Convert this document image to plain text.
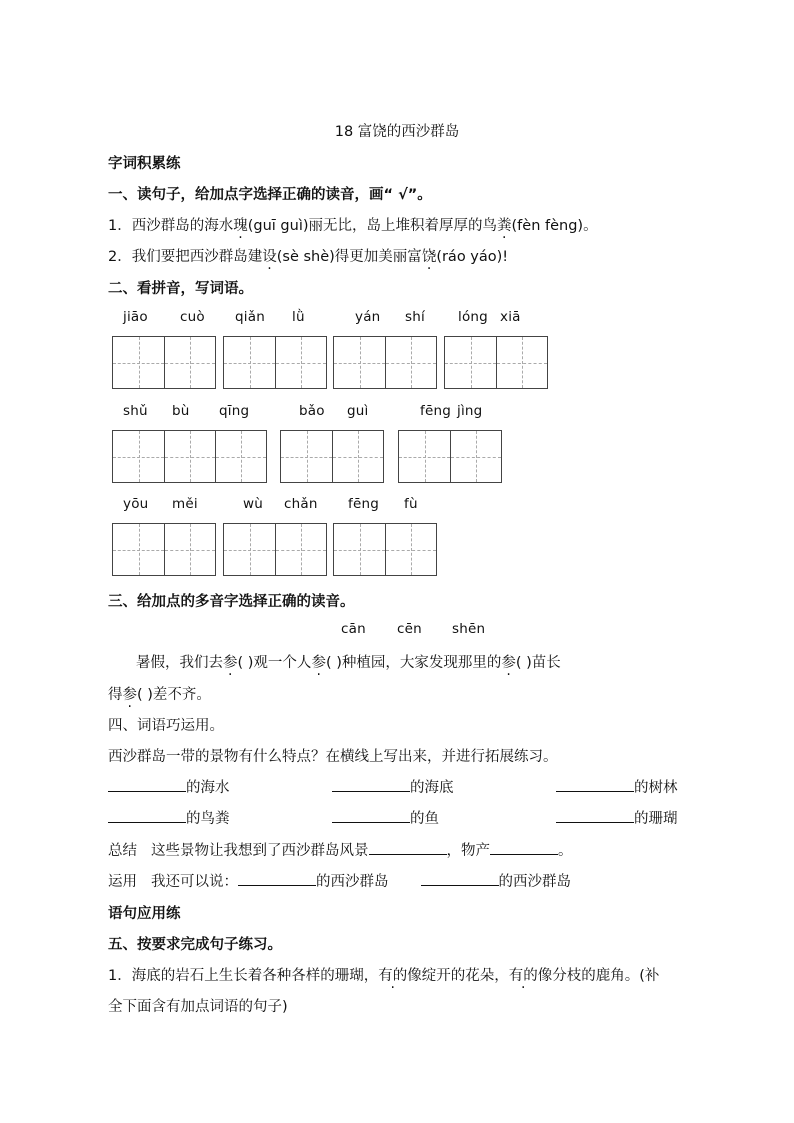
18 富饶的西沙群岛
字词积累练
一、读句子，给加点字选择正确的读音，画“ √”。
1．西沙群岛的海水瑰(guī guì)丽无比，岛上堆积着厚厚的鸟粪(fèn fèng)。
2．我们要把西沙群岛建设(sè shè)得更加美丽富饶(ráo yáo)!
二、看拼音，写词语。
jiāo cuò qiǎn lǜ	yán shí lóng xiā
shǔ bù qīng	bǎo guì	fēng jìng
yōu měi	wù chǎn fēng fù
三、给加点的多音字选择正确的读音。
cān cēn shēn
暑假，我们去参( )观一个人参( )种植园，大家发现那里的参( )苗长
得参( )差不齐。
四、词语巧运用。
西沙群岛一带的景物有什么特点？在横线上写出来，并进行拓展练习。
的海水	的海底	的树林
的鸟粪	的鱼	的珊瑚
总结 这些景物让我想到了西沙群岛风景	，物产	。
运用 我还可以说：	的西沙群岛	的西沙群岛
语句应用练
五、按要求完成句子练习。
1．海底的岩石上生长着各种各样的珊瑚，有的像绽开的花朵，有的像分枝的鹿角。(补
全下面含有加点词语的句子)
